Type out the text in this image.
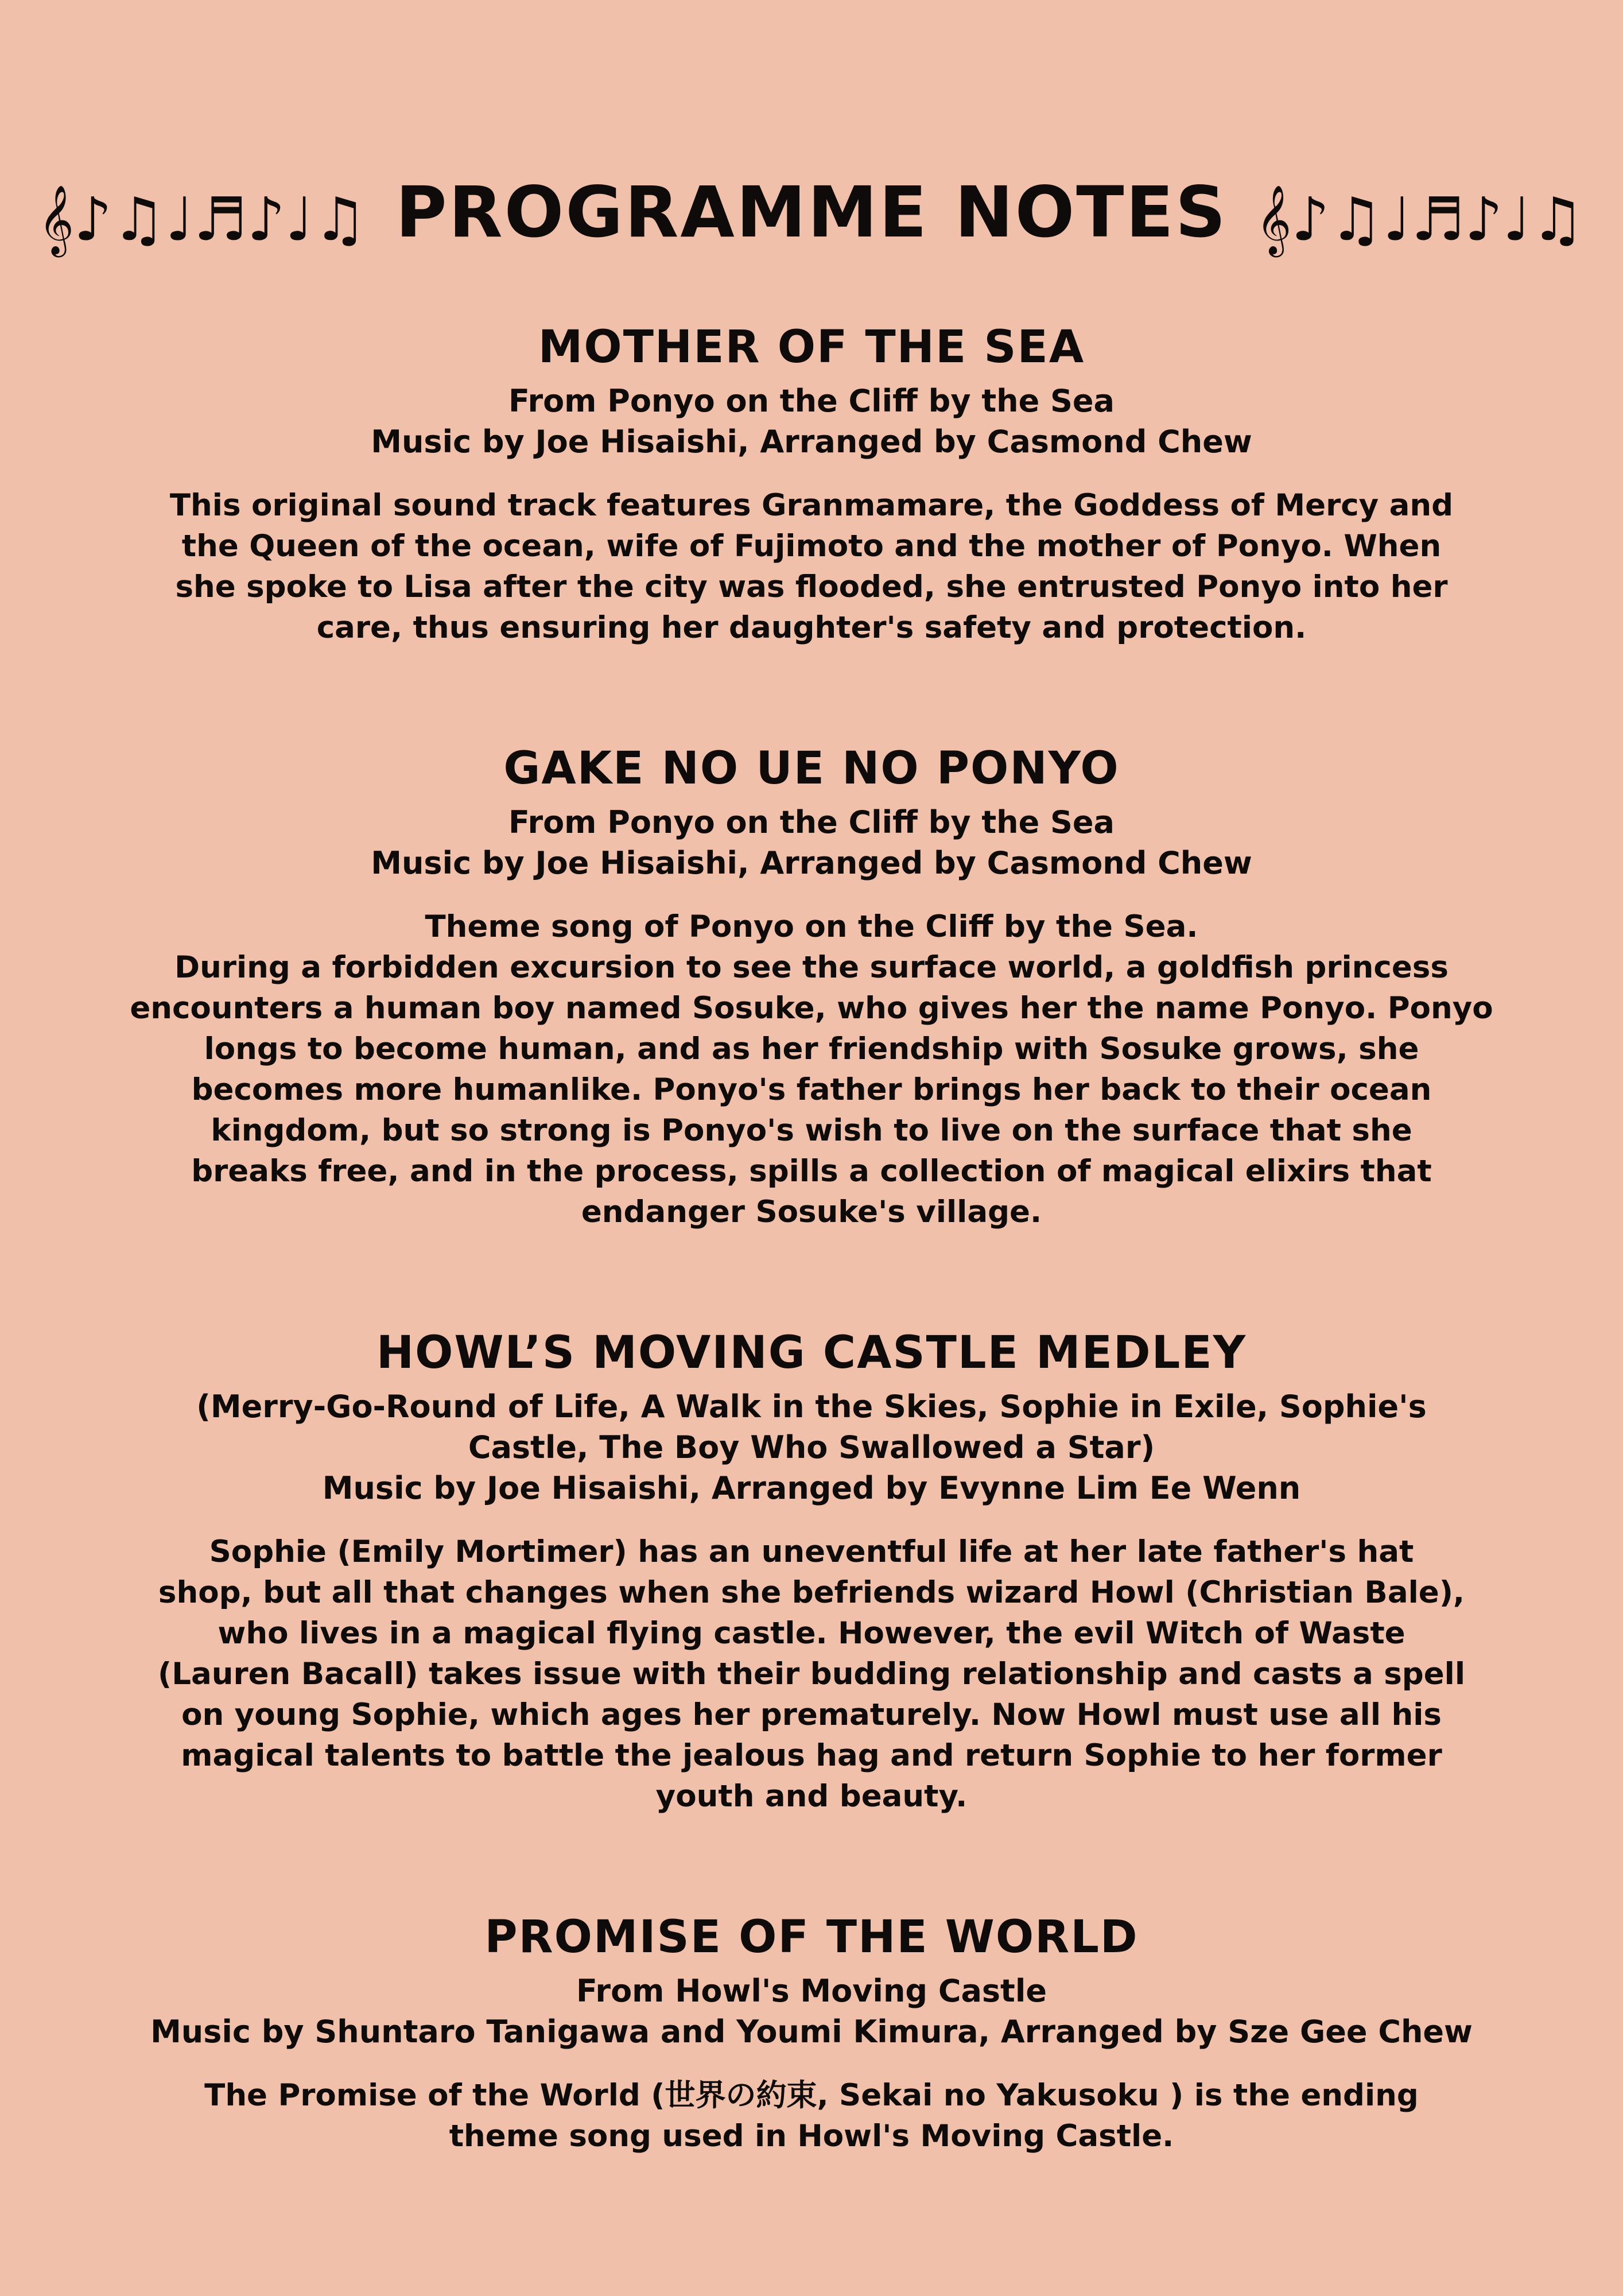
𝄞♪♫♩♬♪♩♫ PROGRAMME NOTES 𝄞♪♫♩♬♪♩♫
MOTHER OF THE SEA
From Ponyo on the Cliff by the Sea
Music by Joe Hisaishi, Arranged by Casmond Chew
This original sound track features Granmamare, the Goddess of Mercy and
the Queen of the ocean, wife of Fujimoto and the mother of Ponyo. When
she spoke to Lisa after the city was flooded, she entrusted Ponyo into her
care, thus ensuring her daughter's safety and protection.
GAKE NO UE NO PONYO
From Ponyo on the Cliff by the Sea
Music by Joe Hisaishi, Arranged by Casmond Chew
Theme song of Ponyo on the Cliff by the Sea.
During a forbidden excursion to see the surface world, a goldfish princess
encounters a human boy named Sosuke, who gives her the name Ponyo. Ponyo
longs to become human, and as her friendship with Sosuke grows, she
becomes more humanlike. Ponyo's father brings her back to their ocean
kingdom, but so strong is Ponyo's wish to live on the surface that she
breaks free, and in the process, spills a collection of magical elixirs that
endanger Sosuke's village.
HOWL’S MOVING CASTLE MEDLEY
(Merry-Go-Round of Life, A Walk in the Skies, Sophie in Exile, Sophie's
Castle, The Boy Who Swallowed a Star)
Music by Joe Hisaishi, Arranged by Evynne Lim Ee Wenn
Sophie (Emily Mortimer) has an uneventful life at her late father's hat
shop, but all that changes when she befriends wizard Howl (Christian Bale),
who lives in a magical flying castle. However, the evil Witch of Waste
(Lauren Bacall) takes issue with their budding relationship and casts a spell
on young Sophie, which ages her prematurely. Now Howl must use all his
magical talents to battle the jealous hag and return Sophie to her former
youth and beauty.
PROMISE OF THE WORLD
From Howl's Moving Castle
Music by Shuntaro Tanigawa and Youmi Kimura, Arranged by Sze Gee Chew
The Promise of the World (世界の約束, Sekai no Yakusoku ) is the ending
theme song used in Howl's Moving Castle.
